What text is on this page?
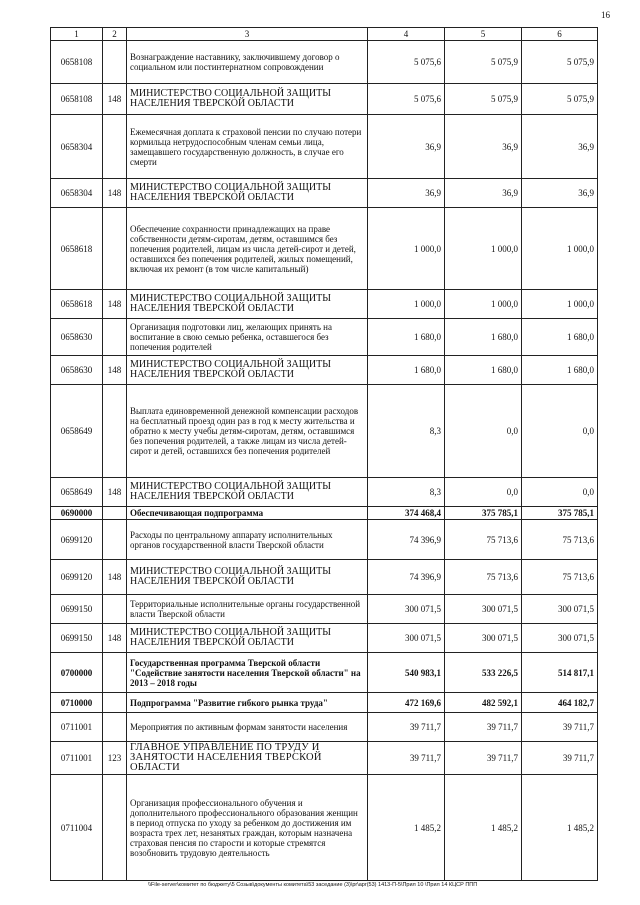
16
1	2	3	4	5	6
0658108		Вознаграждение наставнику, заключившему договор о социальном или постинтернатном сопровождении	5 075,6	5 075,9	5 075,9
0658108	148	МИНИСТЕРСТВО СОЦИАЛЬНОЙ ЗАЩИТЫ НАСЕЛЕНИЯ ТВЕРСКОЙ ОБЛАСТИ	5 075,6	5 075,9	5 075,9
0658304		Ежемесячная доплата к страховой пенсии по случаю потери кормильца нетрудоспособным членам семьи лица, замещавшего государственную должность, в случае его смерти	36,9	36,9	36,9
0658304	148	МИНИСТЕРСТВО СОЦИАЛЬНОЙ ЗАЩИТЫ НАСЕЛЕНИЯ ТВЕРСКОЙ ОБЛАСТИ	36,9	36,9	36,9
0658618		Обеспечение сохранности принадлежащих на праве собственности детям-сиротам, детям, оставшимся без попечения родителей, лицам из числа детей-сирот и детей, оставшихся без попечения родителей, жилых помещений, включая их ремонт (в том числе капитальный)	1 000,0	1 000,0	1 000,0
0658618	148	МИНИСТЕРСТВО СОЦИАЛЬНОЙ ЗАЩИТЫ НАСЕЛЕНИЯ ТВЕРСКОЙ ОБЛАСТИ	1 000,0	1 000,0	1 000,0
0658630		Организация подготовки лиц, желающих принять на воспитание в свою семью ребенка, оставшегося без попечения родителей	1 680,0	1 680,0	1 680,0
0658630	148	МИНИСТЕРСТВО СОЦИАЛЬНОЙ ЗАЩИТЫ НАСЕЛЕНИЯ ТВЕРСКОЙ ОБЛАСТИ	1 680,0	1 680,0	1 680,0
0658649		Выплата единовременной денежной компенсации расходов на бесплатный проезд один раз в год к месту жительства и обратно к месту учебы детям-сиротам, детям, оставшимся без попечения родителей, а также лицам из числа детей-сирот и детей, оставшихся без попечения родителей	8,3	0,0	0,0
0658649	148	МИНИСТЕРСТВО СОЦИАЛЬНОЙ ЗАЩИТЫ НАСЕЛЕНИЯ ТВЕРСКОЙ ОБЛАСТИ	8,3	0,0	0,0
0690000		Обеспечивающая подпрограмма	374 468,4	375 785,1	375 785,1
0699120		Расходы по центральному аппарату исполнительных органов государственной власти Тверской области	74 396,9	75 713,6	75 713,6
0699120	148	МИНИСТЕРСТВО СОЦИАЛЬНОЙ ЗАЩИТЫ НАСЕЛЕНИЯ ТВЕРСКОЙ ОБЛАСТИ	74 396,9	75 713,6	75 713,6
0699150		Территориальные исполнительные органы государственной власти Тверской области	300 071,5	300 071,5	300 071,5
0699150	148	МИНИСТЕРСТВО СОЦИАЛЬНОЙ ЗАЩИТЫ НАСЕЛЕНИЯ ТВЕРСКОЙ ОБЛАСТИ	300 071,5	300 071,5	300 071,5
0700000		Государственная программа Тверской области "Содействие занятости населения Тверской области" на 2013 – 2018 годы	540 983,1	533 226,5	514 817,1
0710000		Подпрограмма "Развитие гибкого рынка труда"	472 169,6	482 592,1	464 182,7
0711001		Мероприятия по активным формам занятости населения	39 711,7	39 711,7	39 711,7
0711001	123	ГЛАВНОЕ УПРАВЛЕНИЕ ПО ТРУДУ И ЗАНЯТОСТИ НАСЕЛЕНИЯ ТВЕРСКОЙ ОБЛАСТИ	39 711,7	39 711,7	39 711,7
0711004		Организация профессионального обучения и дополнительного профессионального образования женщин в период отпуска по уходу за ребенком до достижения им возраста трех лет, незанятых граждан, которым назначена страховая пенсия по старости и которые стремятся возобновить трудовую деятельность	1 485,2	1 485,2	1 485,2
\\File-server\комитет по бюджету\5 Созыв\документы комитета\53 заседание (3)\pr\apr(53) 1413-П-5\Прил 10 \Прил 14 КЦСР ППП
